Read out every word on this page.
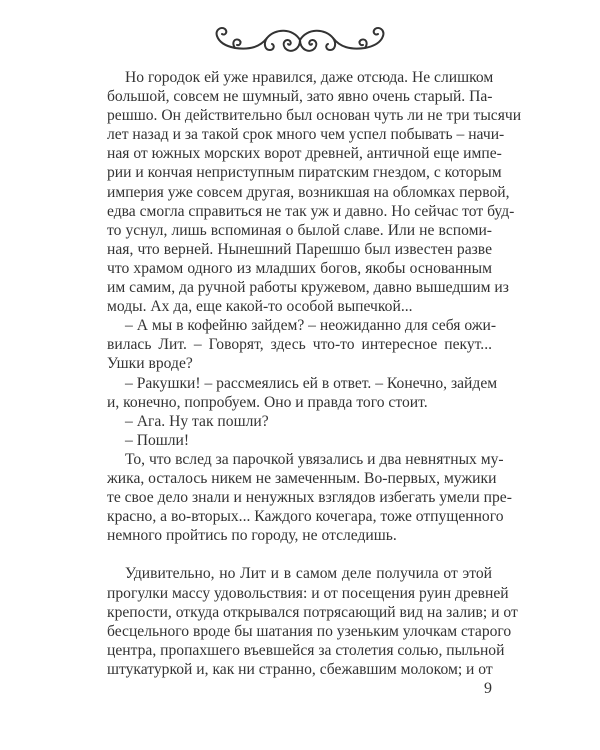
Но городок ей уже нравился, даже отсюда. Не слишком
большой, совсем не шумный, зато явно очень старый. Па-
решшо. Он действительно был основан чуть ли не три тысячи
лет назад и за такой срок много чем успел побывать – начи-
ная от южных морских ворот древней, античной еще импе-
рии и кончая неприступным пиратским гнездом, с которым
империя уже совсем другая, возникшая на обломках первой,
едва смогла справиться не так уж и давно. Но сейчас тот буд-
то уснул, лишь вспоминая о былой славе. Или не вспоми-
ная, что верней. Нынешний Парешшо был известен разве
что храмом одного из младших богов, якобы основанным
им самим, да ручной работы кружевом, давно вышедшим из
моды. Ах да, еще какой-то особой выпечкой...
– А мы в кофейню зайдем? – неожиданно для себя ожи-
вилась Лит. – Говорят, здесь что-то интересное пекут...
Ушки вроде?
– Ракушки! – рассмеялись ей в ответ. – Конечно, зайдем
и, конечно, попробуем. Оно и правда того стоит.
– Ага. Ну так пошли?
– Пошли!
То, что вслед за парочкой увязались и два невнятных му-
жика, осталось никем не замеченным. Во-первых, мужики
те свое дело знали и ненужных взглядов избегать умели пре-
красно, а во-вторых... Каждого кочегара, тоже отпущенного
немного пройтись по городу, не отследишь.
Удивительно, но Лит и в самом деле получила от этой
прогулки массу удовольствия: и от посещения руин древней
крепости, откуда открывался потрясающий вид на залив; и от
бесцельного вроде бы шатания по узеньким улочкам старого
центра, пропахшего въевшейся за столетия солью, пыльной
штукатуркой и, как ни странно, сбежавшим молоком; и от
9
